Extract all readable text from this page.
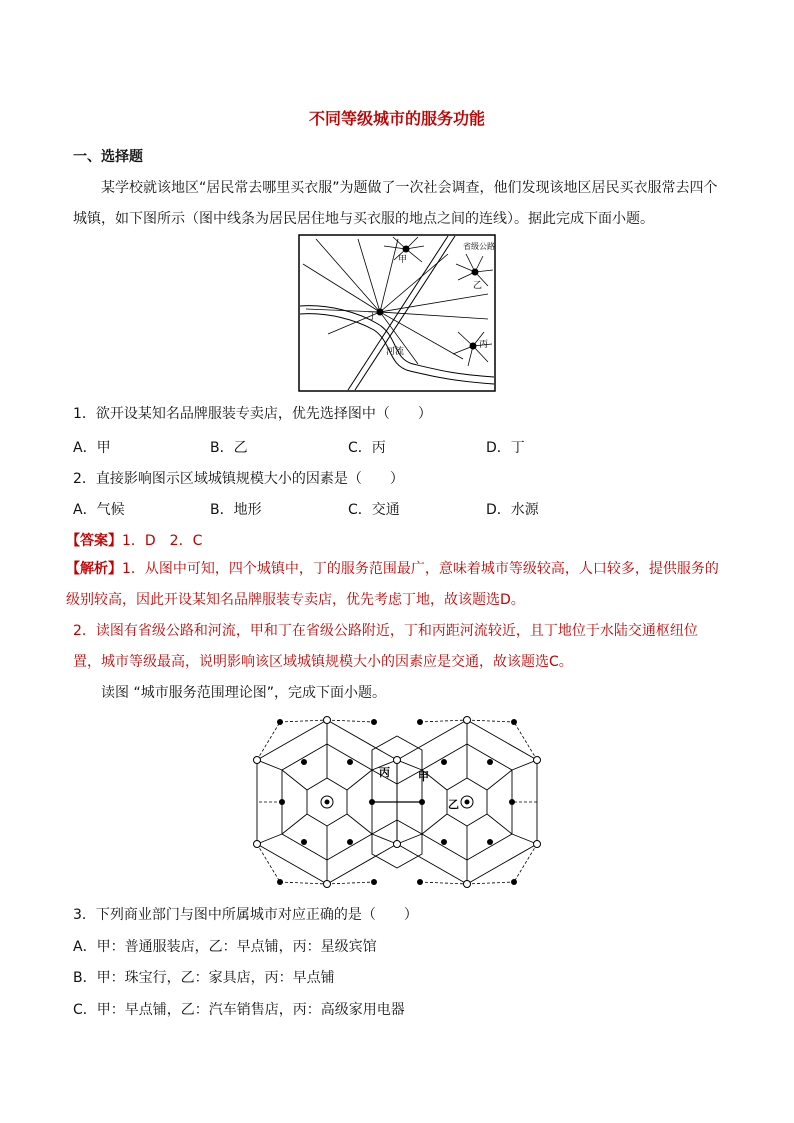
不同等级城市的服务功能
一、选择题

某学校就该地区“居民常去哪里买衣服”为题做了一次社会调查，他们发现该地区居民买衣服常去四个城镇，如下图所示（图中线条为居民居住地与买衣服的地点之间的连线）。据此完成下面小题。

省级公路
甲
乙
丁
丙
河流
1．欲开设某知名品牌服装专卖店，优先选择图中（　　）
A．甲	B．乙	C．丙	D．丁
2．直接影响图示区域城镇规模大小的因素是（　　）
A．气候	B．地形	C．交通	D．水源
【答案】1．D　2．C

【解析】1．从图中可知，四个城镇中，丁的服务范围最广，意味着城市等级较高，人口较多，提供服务的级别较高，因此开设某知名品牌服装专卖店，优先考虑丁地，故该题选D。

2．读图有省级公路和河流，甲和丁在省级公路附近，丁和丙距河流较近，且丁地位于水陆交通枢纽位置，城市等级最高，说明影响该区域城镇规模大小的因素应是交通，故该题选C。

读图 “城市服务范围理论图”，完成下面小题。

丙	甲
乙
3．下列商业部门与图中所属城市对应正确的是（　　）
A．甲：普通服装店，乙：早点铺，丙：星级宾馆
B．甲：珠宝行，乙：家具店，丙：早点铺
C．甲：早点铺，乙：汽车销售店，丙：高级家用电器
